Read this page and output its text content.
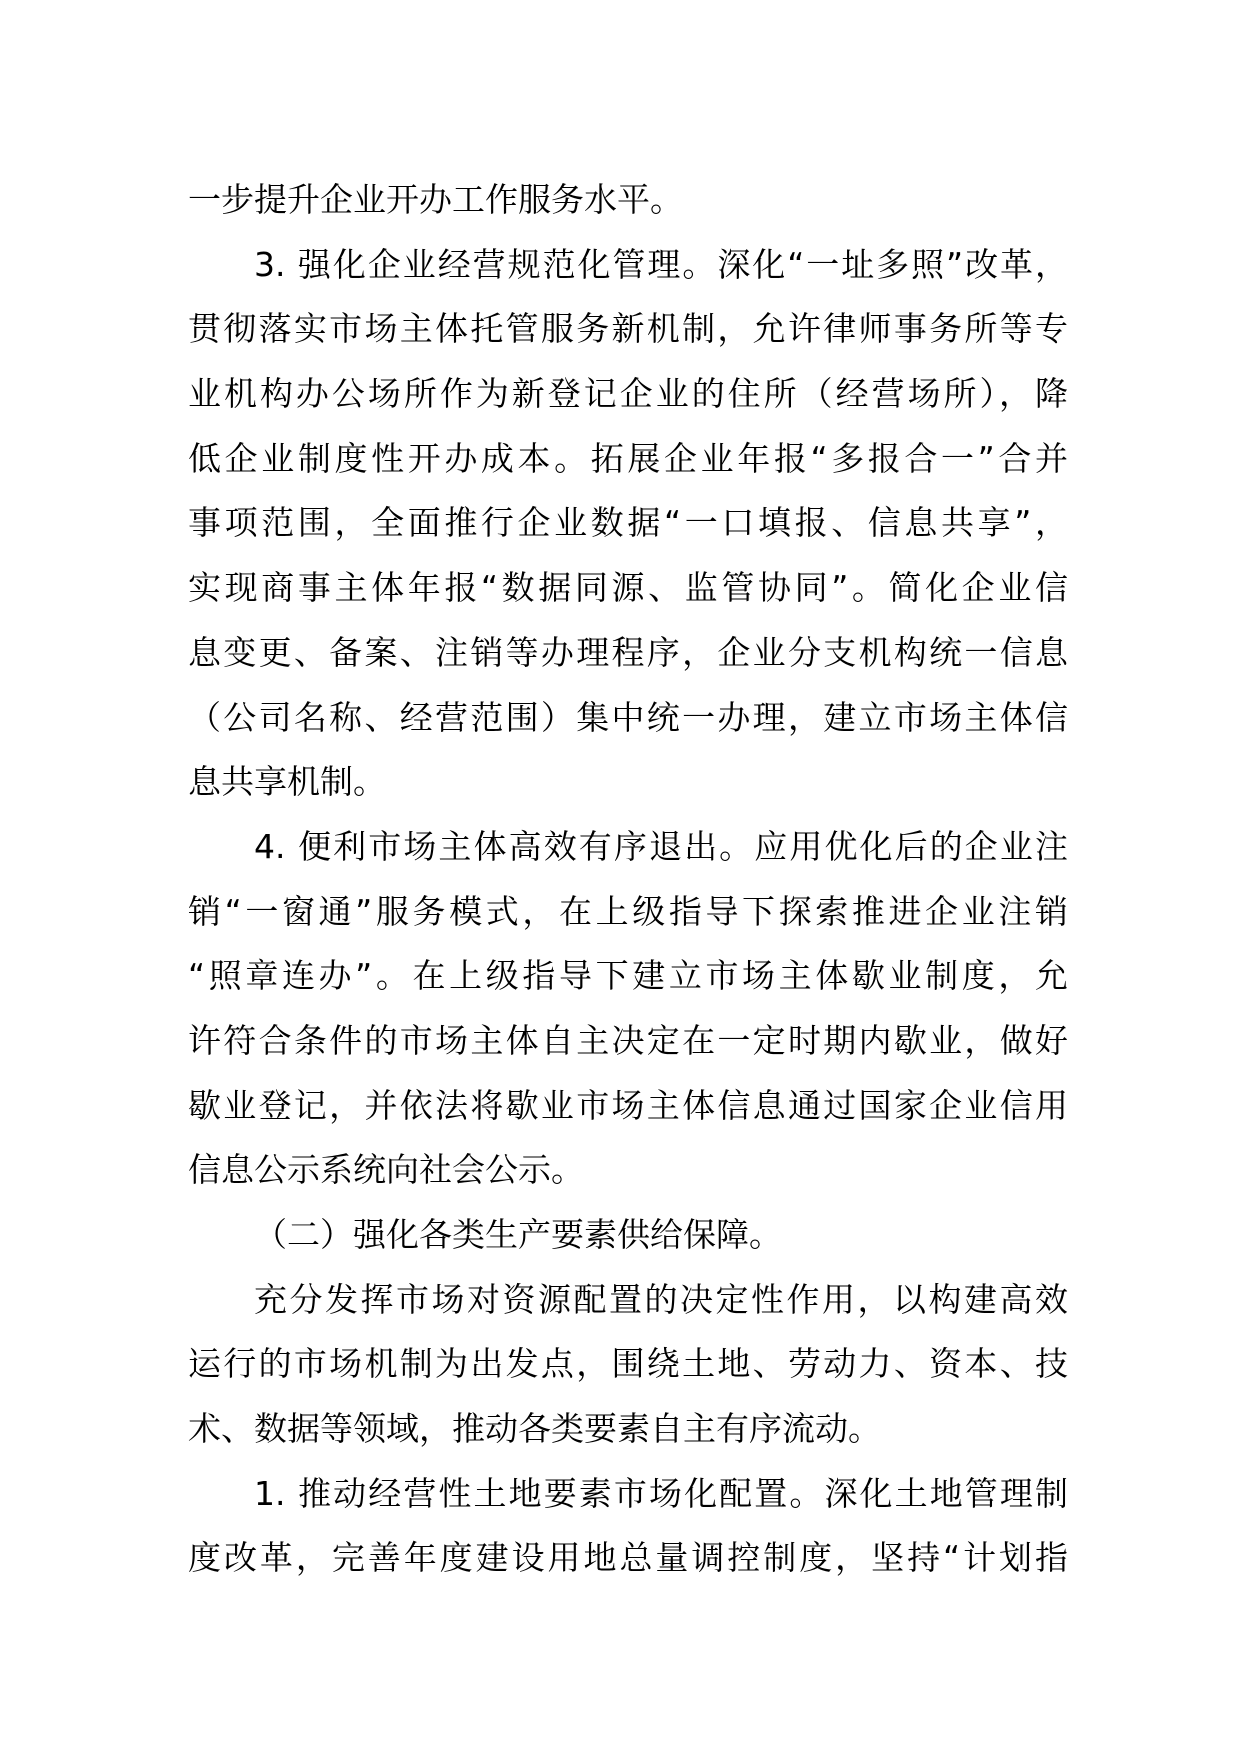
一步提升企业开办工作服务水平。
3. 强化企业经营规范化管理。深化“一址多照”改革，
贯彻落实市场主体托管服务新机制，允许律师事务所等专
业机构办公场所作为新登记企业的住所（经营场所），降
低企业制度性开办成本。拓展企业年报“多报合一”合并
事项范围，全面推行企业数据“一口填报、信息共享”，
实现商事主体年报“数据同源、监管协同”。简化企业信
息变更、备案、注销等办理程序，企业分支机构统一信息
（公司名称、经营范围）集中统一办理，建立市场主体信
息共享机制。
4. 便利市场主体高效有序退出。应用优化后的企业注
销“一窗通”服务模式，在上级指导下探索推进企业注销
“照章连办”。在上级指导下建立市场主体歇业制度，允
许符合条件的市场主体自主决定在一定时期内歇业，做好
歇业登记，并依法将歇业市场主体信息通过国家企业信用
信息公示系统向社会公示。
（二）强化各类生产要素供给保障。
充分发挥市场对资源配置的决定性作用，以构建高效
运行的市场机制为出发点，围绕土地、劳动力、资本、技
术、数据等领域，推动各类要素自主有序流动。
1. 推动经营性土地要素市场化配置。深化土地管理制
度改革，完善年度建设用地总量调控制度，坚持“计划指
